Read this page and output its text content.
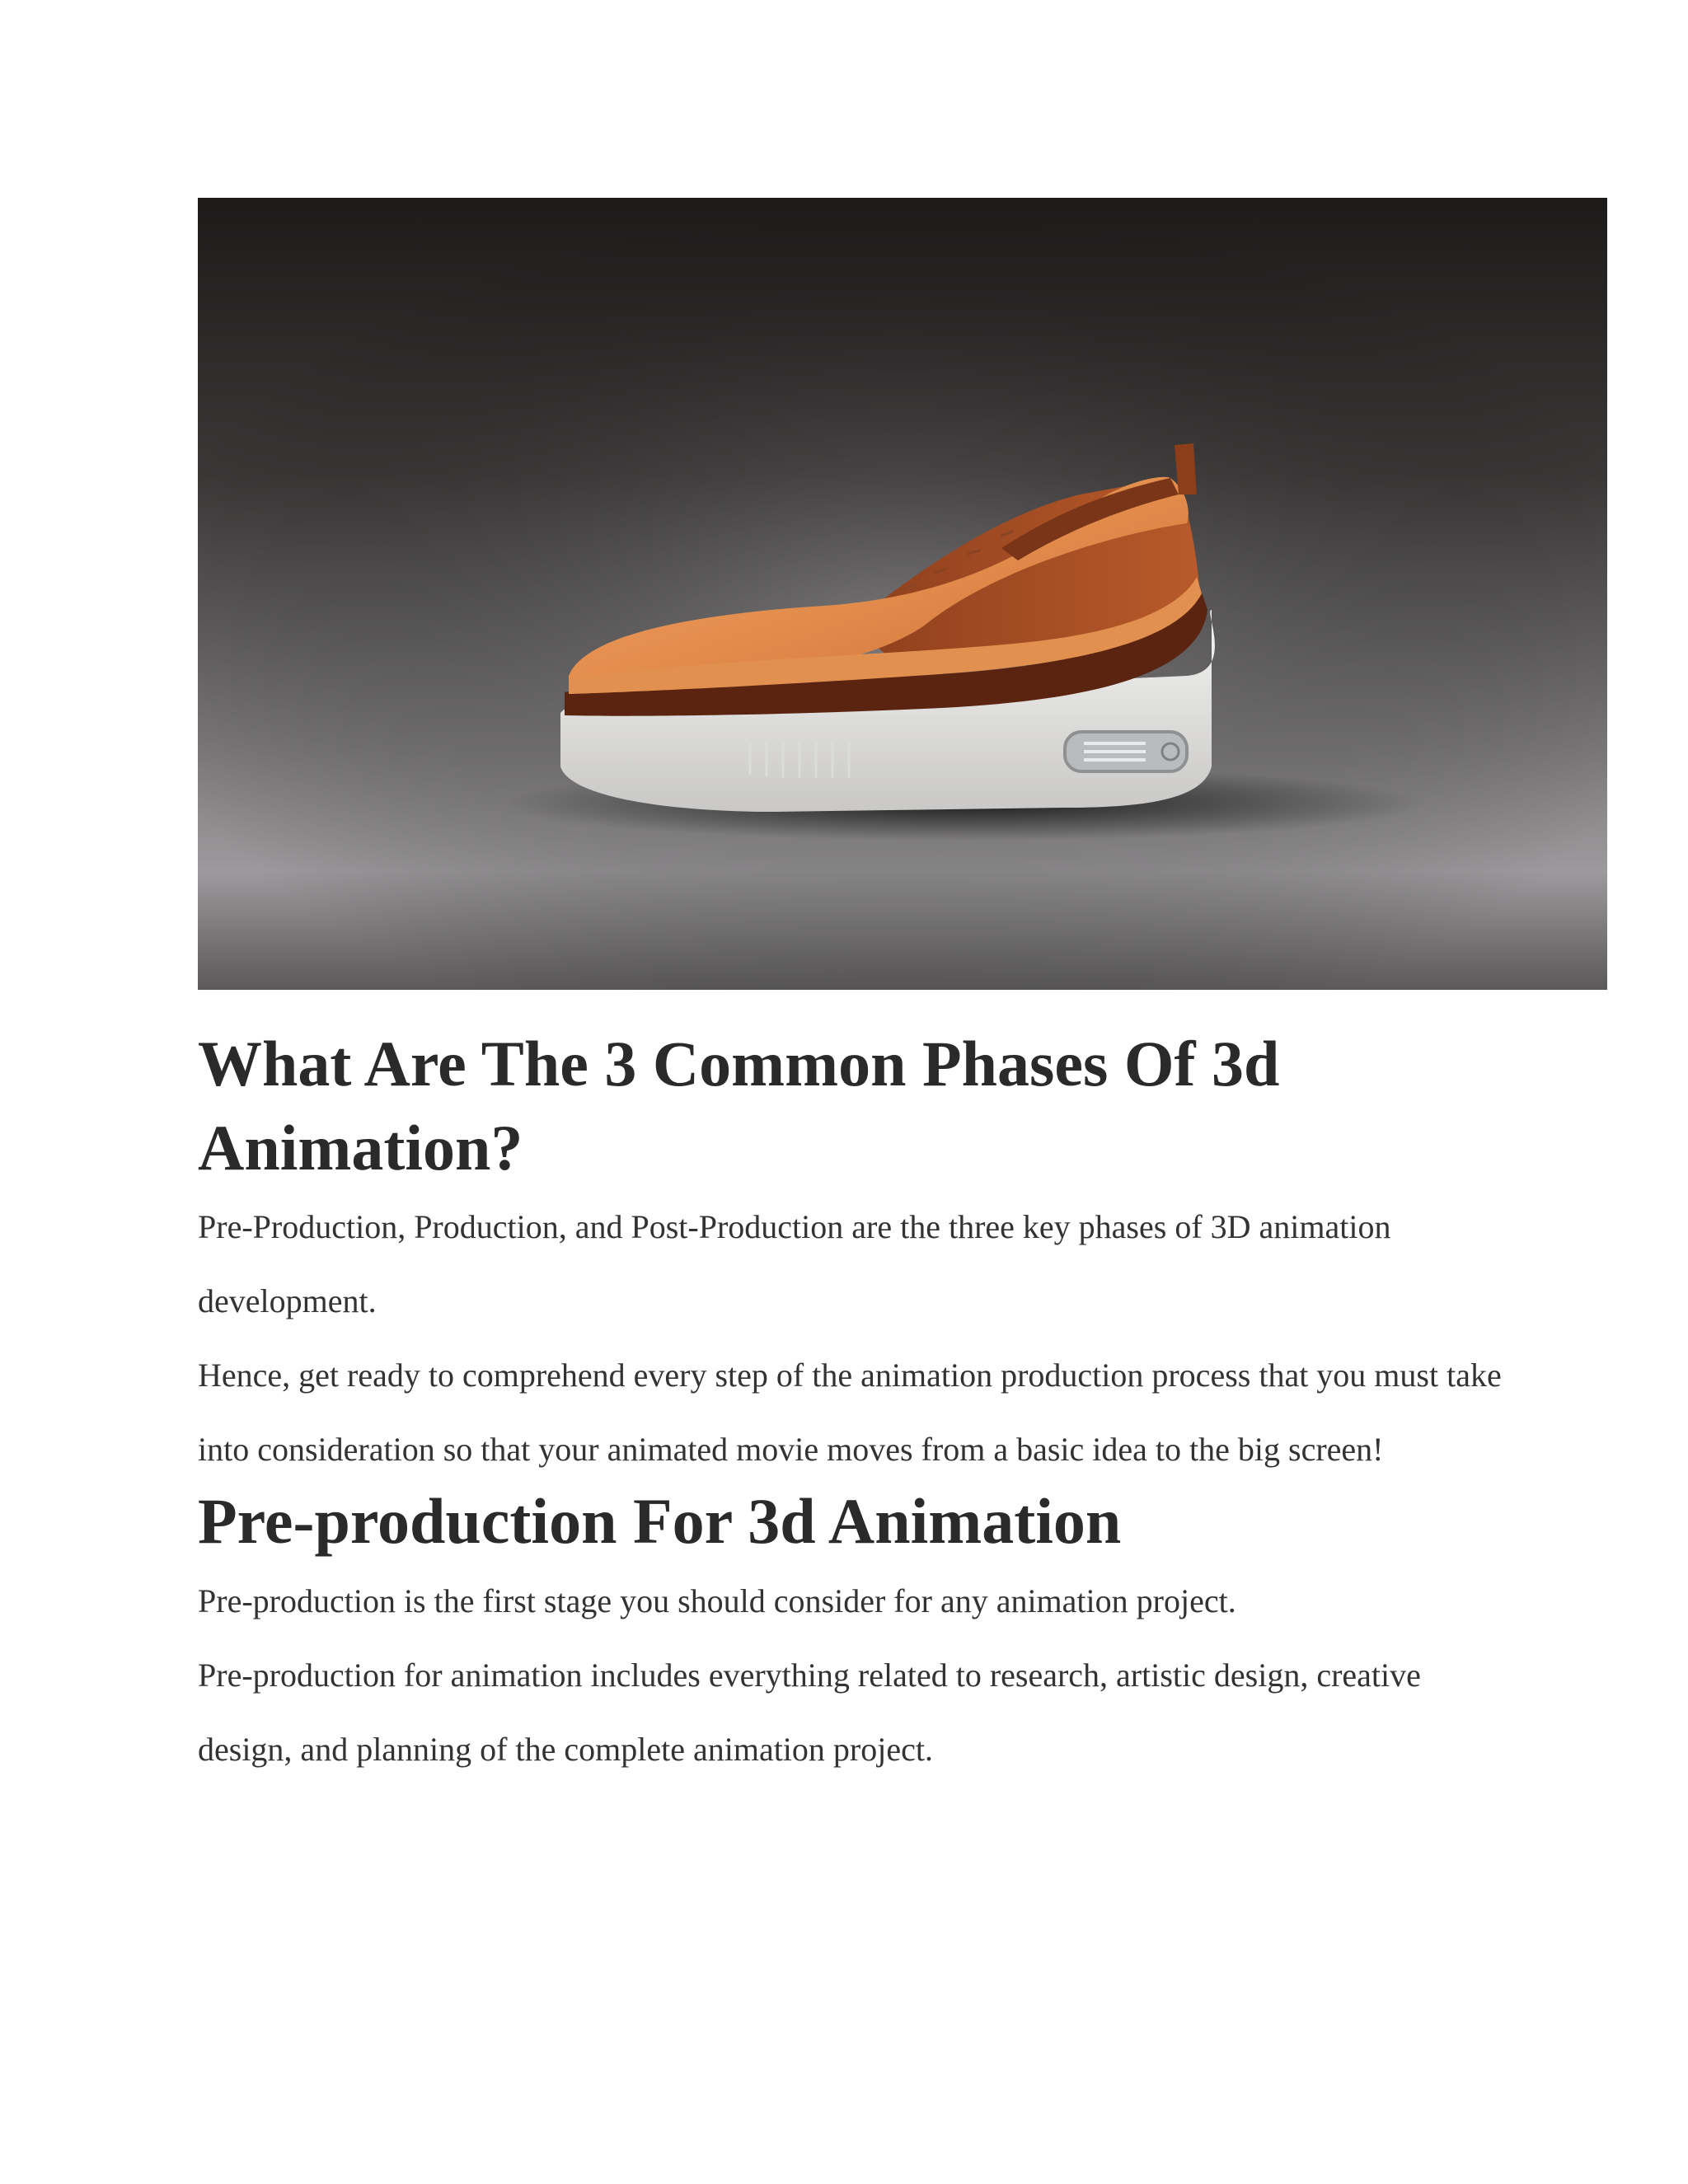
What Are The 3 Common Phases Of 3d Animation?

Pre-Production, Production, and Post-Production are the three key phases of 3D animation development.

Hence, get ready to comprehend every step of the animation production process that you must take into consideration so that your animated movie moves from a basic idea to the big screen!

Pre-production For 3d Animation

Pre-production is the first stage you should consider for any animation project.

Pre-production for animation includes everything related to research, artistic design, creative design, and planning of the complete animation project.
